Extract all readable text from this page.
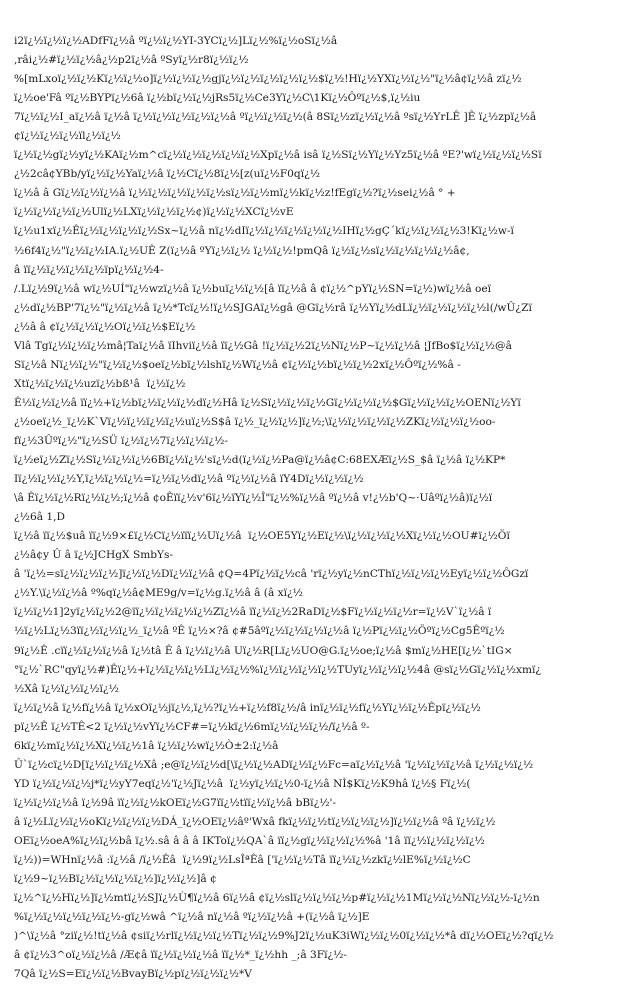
i2ï¿½ï¿½ï¿½ADfFï¿½â ºï¿½ï¿½YI-3YCï¿½]Lï¿½%ï¿½oSï¿½â
,râi¿½#ï¿½ï¿½â¿½p2ï¿½â ºSyï¿½r8ï¿½ï¿½
%[mLxoï¿½ï¿½Kï¿½ï¿½o]ï¿½ï¿½ï¿½gjï¿½ï¿½ï¿½ï¿½ï¿½$ï¿½!Hï¿½YXï¿½ï¿½"ï¿½â¢ï¿½â zï¿½
ï¿½oe'Fâ ºï¿½BYPï¿½6â ï¿½bï¿½ï¿½jRs5ï¿½Ce3Yï¿½C\1Kï¿½Ôºï¿½$,ï¿½iu
7ï¿½ï¿½I_aï¿½â ï¿½â ï¿½ï¿½ï¿½ï¿½ï¿½â ºï¿½ï¿½ï¿½(â 8Sï¿½zï¿½ï¿½â ºsï¿½YrLÊ ]Ê ï¿½zpï¿½â
¢ï¿½ï¿½ï¿½ïl¿½ï¿½
ï¿½ï¿½gï¿½yï¿½KAï¿½m^cï¿½ï¿½ï¿½ï¿½ï¿½Xpï¿½â isâ ï¿½Sï¿½Yï¿½Yz5ï¿½â ºE?'wï¿½ï¿½ï¿½Sï
¿½2câ¢YBb/yï¿½ï¿½Yaï¿½â ï¿½Cï¿½8ï¿½[z(uï¿½F0qï¿½
ï¿½â â Gï¿½ï¿½ï¿½â ï¿½ï¿½ï¿½ï¿½ï¿½sï¿½ï¿½mï¿½kï¿½z!fEgï¿½?ï¿½sei¿½â ° +
ï¿½ï¿½ï¿½ï¿½Ulï¿½LXï¿½ï¿½ï¿½¢)ï¿½ï¿½XCï¿½vE
ï¿½u1xï¿½Êï¿½ï¿½ï¿½ï¿½Sx~ï¿½â nï¿½dIï¿½ï¿½ï¿½ï¿½ï¿½IHï¿½gÇ´kï¿½ï¿½ï¿½3!Kï¿½w-ï
½6f4ï¿½"ï¿½ï¿½IA.ï¿½UÊ Z(ï¿½â ºYï¿½ï¿½ ï¿½ï¿½!pmQâ ï¿½ï¿½sï¿½ï¿½ï¿½ï¿½â¢,
â ïï¿½ï¿½ï¿½ï¿½ïpï¿½ï¿½4-
/.Lï¿½9ï¿½â wï¿½UÍ"ï¿½wzï¿½â ï¿½buï¿½ï¿½[â ïï¿½â â ¢ï¿½^pYï¿½SN=ï¿½)wï¿½â oeï
¿½dï¿½BP'7ï¿½"ï¿½ï¿½â ï¿½*Tcï¿½!ï¿½SJGAï¿½gâ @Gï¿½râ ï¿½Yï¿½dLï¿½ï¿½ï¿½ï¿½l(/wÛ¿Zï
¿½â â ¢ï¿½ï¿½ï¿½Oï¿½ï¿½$Eï¿½
Vlâ Tgï¿½ï¿½ï¿½mâ¦Taï¿½â ïIhviï¿½â ïï¿½Gâ !ï¿½ï¿½2ï¿½Nï¿½P~ï¿½ï¿½â ¦JfBo$ï¿½ï¿½@â
Sï¿½â Nï¿½ï¿½"ï¿½ï¿½$oeï¿½bï¿½lshï¿½Wï¿½â ¢ï¿½ï¿½bï¿½ï¿½2xï¿½Ôºï¿½%â -
Xtï¿½ï¿½ï¿½uzï¿½bß¹â  ï¿½ï¿½
Ê½ï¿½ï¿½â ïï¿½+ï¿½bï¿½ï¿½ï¿½dï¿½Hâ ï¿½Sï¿½ï¿½ï¿½Gï¿½ï¿½ï¿½$Gï¿½ï¿½ï¿½OENï¿½Yï
¿½oeï¿½_ï¿½K`Vï¿½ï¿½ï¿½ï¿½uï¿½S$â ï¿½_ï¿½ï¿½]ï¿½;\ï¿½ï¿½ï¿½ï¿½ZKï¿½ï¿½ï¿½oo-
fï¿½3Ûºï¿½"ï¿½SÜ ï¿½ï¿½7ï¿½ï¿½ï¿½-
ï¿½eï¿½Zï¿½Sï¿½ï¿½ï¿½6Bï¿½ï¿½'sï¿½d(ï¿½ï¿½Pa@ï¿½â¢C:68EXÆï¿½S_$â ï¿½â ï¿½KP*
Iï¿½ï¿½ï¿½Y,ï¿½ï¿½ï¿½=ï¿½ï¿½dï¿½â ºï¿½ï¿½â ïY4Dï¿½ï¿½ï¿½
\â Êï¿½ï¿½Rï¿½ï¿½;ï¿½â ¢oÊïï¿½v'6ï¿½ïYï¿½Î"ï¿½%ï¿½â ºï¿½â v!¿½b'Q~·Uâºï¿½â)ï¿½ï
¿½6â 1,D
ï¿½â ïï¿½$uâ ïï¿½9×£ï¿½Cï¿½ïïï¿½Uï¿½â  ï¿½OE5Yï¿½Eï¿½\ï¿½ï¿½ï¿½Xï¿½ï¿½OU#ï¿½Öï
¿½â¢y Û â ï¿½JCHgX SmbYs-
â 'ï¿½=sï¿½ï¿½ï¿½]ï¿½ï¿½Dï¿½ï¿½â ¢Q=4Pï¿½ï¿½câ 'rï¿½yï¿½nCThï¿½ï¿½ï¿½Eyï¿½ï¿½ÔGzï
¿½Y.\ï¿½ï¿½â º%qï¿½â¢ME9g/v=ï¿½g.ï¿½â â (â xï¿½
ï¿½ï¿½1]2yï¿½ï¿½2@ïï¿½ï¿½ï¿½ï¿½Zï¿½â ïï¿½ï¿½2RaDï¿½$Fï¿½ï¿½ï¿½r=ï¿½V`ï¿½â ï
½ï¿½Lï¿½3ïï¿½ï¿½ï¿½_ï¿½â ºÊ ï¿½×?â ¢#5âºï¿½ï¿½ï¿½ï¿½â ï¿½Pï¿½ï¿½Öºï¿½Cg5Êºï¿½
9ï¿½Ê .cïï¿½ï¿½ï¿½â ï¿½tâ Ê â ï¿½ï¿½â Uï¿½R[Lï¿½UO@G.ï¿½oe;ï¿½â $mï¿½HE[ï¿½`tIG×
°ï¿½`RC"qyï¿½#)Êï¿½+ï¿½ï¿½ï¿½Lï¿½ï¿½%ï¿½ï¿½ï¿½ï¿½TUyï¿½ï¿½ï¿½4â @sï¿½Gï¿½ï¿½xmï¿
½Xâ ï¿½ï¿½ï¿½ï¿½
ï¿½ï¿½â ï¿½fï¿½â ï¿½xOï¿½jï¿½,ï¿½?ï¿½+ï¿½f8ï¿½/â inï¿½ï¿½fï¿½Yï¿½ï¿½Êpï¿½ï¿½
pï¿½Ê ï¿½TÊ<2 ï¿½ï¿½vYï¿½CF#=ï¿½kï¿½6mï¿½ï¿½ï¿½/ï¿½â º-
6kï¿½mï¿½ï¿½Xï¿½ï¿½1â ï¿½ï¿½wï¿½Ò±2:ï¿½â
Û`ï¿½cï¿½D[ï¿½ï¿½ï¿½Xâ ;e@ï¿½ï¿½d[\ï¿½ï¿½ADï¿½ï¿½Fc=aï¿½ï¿½â 'ï¿½ï¿½ï¿½â ï¿½ï¿½ï¿½
YD ï¿½ï¿½ï¿½j*ï¿½yY7eqï¿½'ï¿½Jï¿½â  ï¿½yï¿½ï¿½0-ï¿½â NÌ$Kï¿½K9hâ ï¿½§ Fï¿½(
ï¿½ï¿½ï¿½â ï¿½9â ïï¿½ï¿½kOEï¿½G7ïï¿½tïï¿½ï¿½â bBï¿½'-
â ï¿½Lï¿½ï¿½oKï¿½ï¿½ï¿½DÁ_ï¿½OEï¿½âº'Wxâ fkï¿½ï¿½tï¿½ï¿½ï¿½]ï¿½ï¿½â ºâ ï¿½ï¿½
OEï¿½oeA%ï¿½ï¿½bâ ï¿½.sâ â â â IKToï¿½QA`â ïï¿½gï¿½ï¿½ï¿½%â '1â ïï¿½ï¿½ï¿½ï¿½
ï¿½))=WHnï¿½â :ï¿½â /ï¿½Êâ  ï¿½9ï¿½LsÎªÊâ ['ï¿½ï¿½Tâ ïï¿½ï¿½zkï¿½lE%ï¿½ï¿½C
ï¿½9~ï¿½Bï¿½ï¿½ï¿½ï¿½]ï¿½ï¿½]â ¢
ï¿½^ï¿½Hï¿½]ï¿½mtï¿½SJï¿½Ù¶ï¿½â 6ï¿½â ¢ï¿½slï¿½ï¿½ï¿½p#ï¿½ï¿½1Mï¿½ï¿½Nï¿½ï¿½-ï¿½n
%ï¿½ï¿½ï¿½ï¿½ï¿½-gï¿½wâ ^ï¿½â nï¿½â ºï¿½ï¿½â +(ï¿½â ï¿½]E
)^\ï¿½â °ziï¿½!tï¿½â ¢siï¿½rlï¿½ï¿½ï¿½Tï¿½ï¿½9%J2ï¿½uK3iWï¿½ï¿½0ï¿½ï¿½*â dï¿½OEï¿½?qï¿½
â ¢ï¿½3^oï¿½ï¿½â /Æ¢â ïï¿½ï¿½ï¿½â ïï¿½*_ï¿½hh _;â 3Fï¿½-
7Qâ ï¿½S=Eï¿½ï¿½BvayBï¿½pï¿½ï¿½ï¿½*V
